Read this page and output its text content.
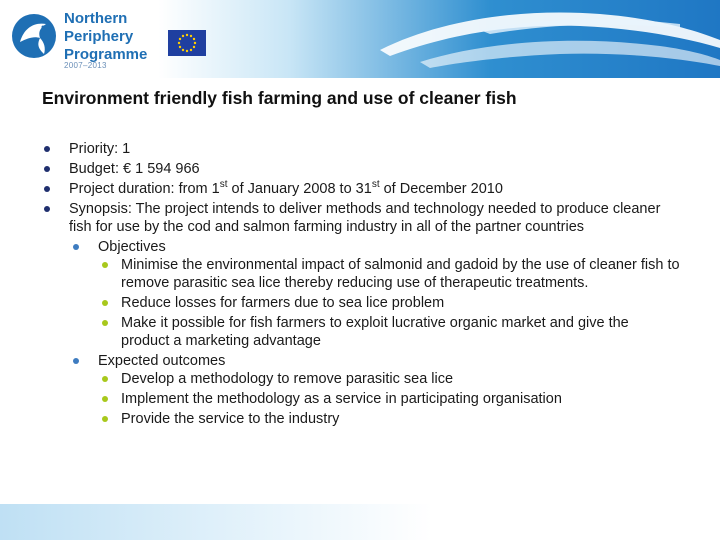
Northern
Periphery
Programme
2007–2013
Environment friendly fish farming and use of cleaner fish
Priority: 1
Budget: € 1 594 966
Project duration: from 1st of January 2008 to 31st of December 2010
Synopsis: The project intends to deliver methods and technology needed to produce cleaner fish for use by the cod and salmon farming industry in all of the partner countries
Objectives
Minimise the environmental impact of salmonid and gadoid by the use of cleaner fish to remove parasitic sea lice thereby reducing use of therapeutic treatments.
Reduce losses for farmers due to sea lice problem
Make it possible for fish farmers to exploit lucrative organic market and give the product a marketing advantage
Expected outcomes
Develop a methodology to remove parasitic sea lice
Implement the methodology as a service in participating organisation
Provide the service to the industry
